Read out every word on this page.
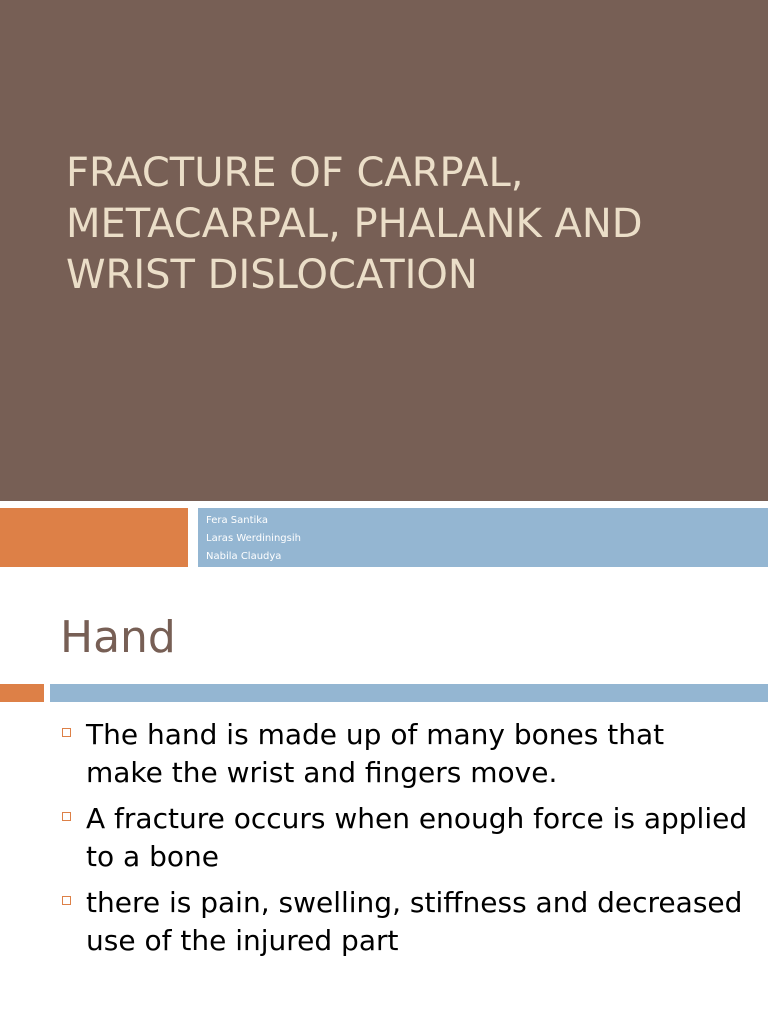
FRACTURE OF CARPAL,
METACARPAL, PHALANK AND
WRIST DISLOCATION
Fera Santika
Laras Werdiningsih
Nabila Claudya
Hand
The hand is made up of many bones that make the wrist and fingers move.
A fracture occurs when enough force is applied to a bone
there is pain, swelling, stiffness and decreased use of the injured part
